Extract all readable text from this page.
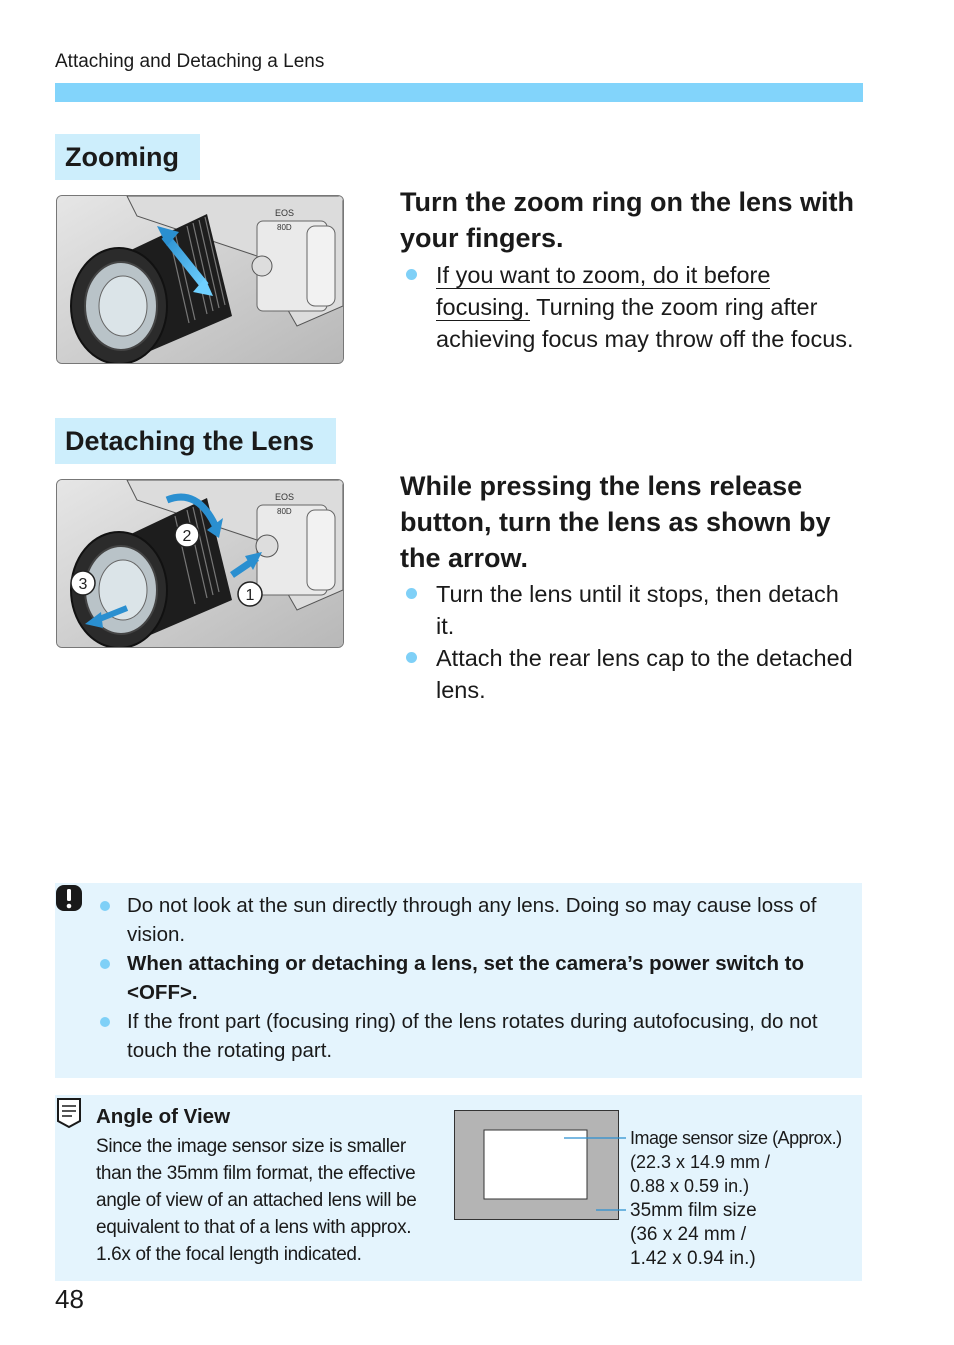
Attaching and Detaching a Lens
Zooming
EOS
80D
Turn the zoom ring on the lens with your fingers.
If you want to zoom, do it before focusing. Turning the zoom ring after achieving focus may throw off the focus.
Detaching the Lens
EOS
80D
1
2
3
While pressing the lens release button, turn the lens as shown by the arrow.
Turn the lens until it stops, then detach it.
Attach the rear lens cap to the detached lens.
Do not look at the sun directly through any lens. Doing so may cause loss of vision.
When attaching or detaching a lens, set the camera’s power switch to <OFF>.
If the front part (focusing ring) of the lens rotates during autofocusing, do not touch the rotating part.
Angle of View
Since the image sensor size is smaller than the 35mm film format, the effective angle of view of an attached lens will be equivalent to that of a lens with approx. 1.6x of the focal length indicated.
Image sensor size (Approx.)
(22.3 x 14.9 mm /
0.88 x 0.59 in.)
35mm film size
(36 x 24 mm /
1.42 x 0.94 in.)
48
